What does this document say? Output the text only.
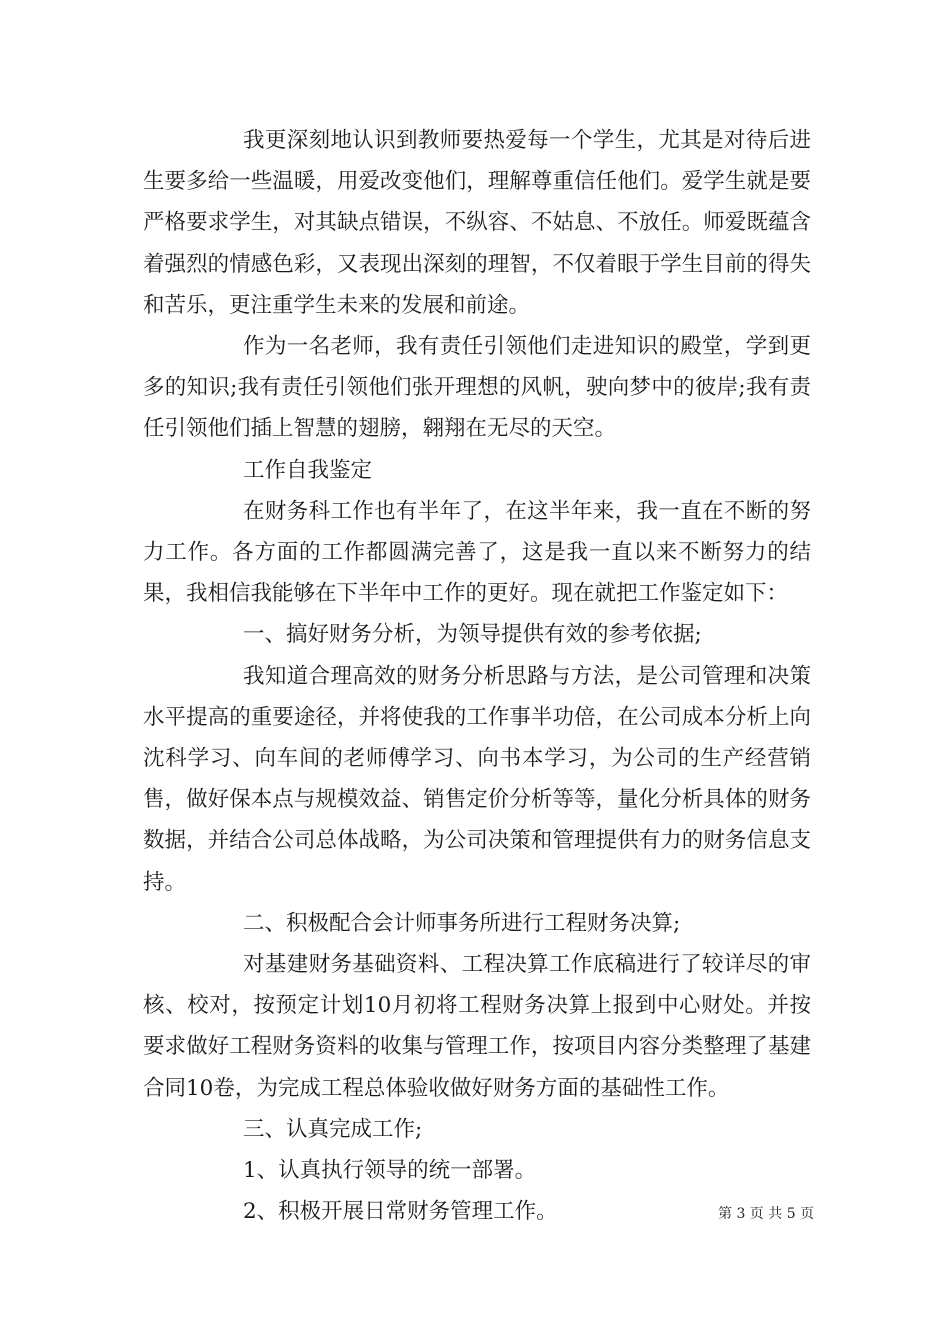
我更深刻地认识到教师要热爱每一个学生，尤其是对待后进生要多给一些温暖，用爱改变他们，理解尊重信任他们。爱学生就是要严格要求学生，对其缺点错误，不纵容、不姑息、不放任。师爱既蕴含着强烈的情感色彩，又表现出深刻的理智，不仅着眼于学生目前的得失和苦乐，更注重学生未来的发展和前途。

作为一名老师，我有责任引领他们走进知识的殿堂，学到更多的知识;我有责任引领他们张开理想的风帆，驶向梦中的彼岸;我有责任引领他们插上智慧的翅膀，翱翔在无尽的天空。

工作自我鉴定

在财务科工作也有半年了，在这半年来，我一直在不断的努力工作。各方面的工作都圆满完善了，这是我一直以来不断努力的结果，我相信我能够在下半年中工作的更好。现在就把工作鉴定如下：

一、搞好财务分析，为领导提供有效的参考依据;

我知道合理高效的财务分析思路与方法，是公司管理和决策水平提高的重要途径，并将使我的工作事半功倍，在公司成本分析上向沈科学习、向车间的老师傅学习、向书本学习，为公司的生产经营销售，做好保本点与规模效益、销售定价分析等等，量化分析具体的财务数据，并结合公司总体战略，为公司决策和管理提供有力的财务信息支持。

二、积极配合会计师事务所进行工程财务决算;

对基建财务基础资料、工程决算工作底稿进行了较详尽的审核、校对，按预定计划10月初将工程财务决算上报到中心财处。并按要求做好工程财务资料的收集与管理工作，按项目内容分类整理了基建合同10卷，为完成工程总体验收做好财务方面的基础性工作。

三、认真完成工作;

1、认真执行领导的统一部署。

2、积极开展日常财务管理工作。	第 3 页 共 5 页
